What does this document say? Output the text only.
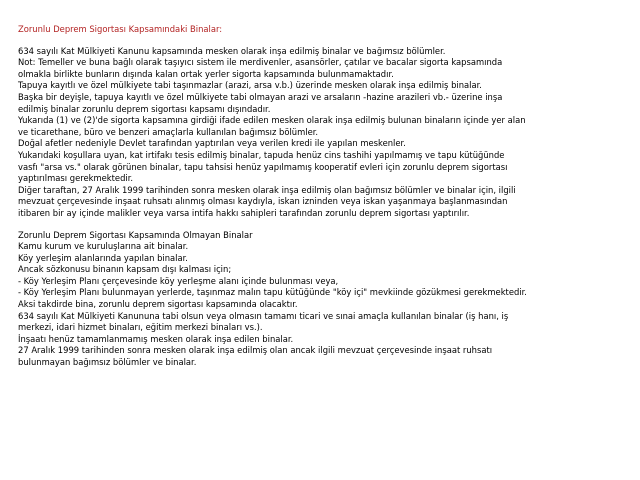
Zorunlu Deprem Sigortası Kapsamındaki Binalar:
634 sayılı Kat Mülkiyeti Kanunu kapsamında mesken olarak inşa edilmiş binalar ve bağımsız bölümler.
Not: Temeller ve buna bağlı olarak taşıyıcı sistem ile merdivenler, asansörler, çatılar ve bacalar sigorta kapsamında
olmakla birlikte bunların dışında kalan ortak yerler sigorta kapsamında bulunmamaktadır.
Tapuya kayıtlı ve özel mülkiyete tabi taşınmazlar (arazi, arsa v.b.) üzerinde mesken olarak inşa edilmiş binalar.
Başka bir deyişle, tapuya kayıtlı ve özel mülkiyete tabi olmayan arazi ve arsaların -hazine arazileri vb.- üzerine inşa
edilmiş binalar zorunlu deprem sigortası kapsamı dışındadır.
Yukarıda (1) ve (2)'de sigorta kapsamına girdiği ifade edilen mesken olarak inşa edilmiş bulunan binaların içinde yer alan
ve ticarethane, büro ve benzeri amaçlarla kullanılan bağımsız bölümler.
Doğal afetler nedeniyle Devlet tarafından yaptırılan veya verilen kredi ile yapılan meskenler.
Yukarıdaki koşullara uyan, kat irtifakı tesis edilmiş binalar, tapuda henüz cins tashihi yapılmamış ve tapu kütüğünde
vasfı "arsa vs." olarak görünen binalar, tapu tahsisi henüz yapılmamış kooperatif evleri için zorunlu deprem sigortası
yaptırılması gerekmektedir.
Diğer taraftan, 27 Aralık 1999 tarihinden sonra mesken olarak inşa edilmiş olan bağımsız bölümler ve binalar için, ilgili
mevzuat çerçevesinde inşaat ruhsatı alınmış olması kaydıyla, iskan izninden veya iskan yaşanmaya başlanmasından
itibaren bir ay içinde malikler veya varsa intifa hakkı sahipleri tarafından zorunlu deprem sigortası yaptırılır.
Zorunlu Deprem Sigortası Kapsamında Olmayan Binalar
Kamu kurum ve kuruluşlarına ait binalar.
Köy yerleşim alanlarında yapılan binalar.
Ancak sözkonusu binanın kapsam dışı kalması için;
- Köy Yerleşim Planı çerçevesinde köy yerleşme alanı içinde bulunması veya,
- Köy Yerleşim Planı bulunmayan yerlerde, taşınmaz malın tapu kütüğünde "köy içi" mevkiinde gözükmesi gerekmektedir.
Aksi takdirde bina, zorunlu deprem sigortası kapsamında olacaktır.
634 sayılı Kat Mülkiyeti Kanununa tabi olsun veya olmasın tamamı ticari ve sınai amaçla kullanılan binalar (iş hanı, iş
merkezi, idari hizmet binaları, eğitim merkezi binaları vs.).
İnşaatı henüz tamamlanmamış mesken olarak inşa edilen binalar.
27 Aralık 1999 tarihinden sonra mesken olarak inşa edilmiş olan ancak ilgili mevzuat çerçevesinde inşaat ruhsatı
bulunmayan bağımsız bölümler ve binalar.
